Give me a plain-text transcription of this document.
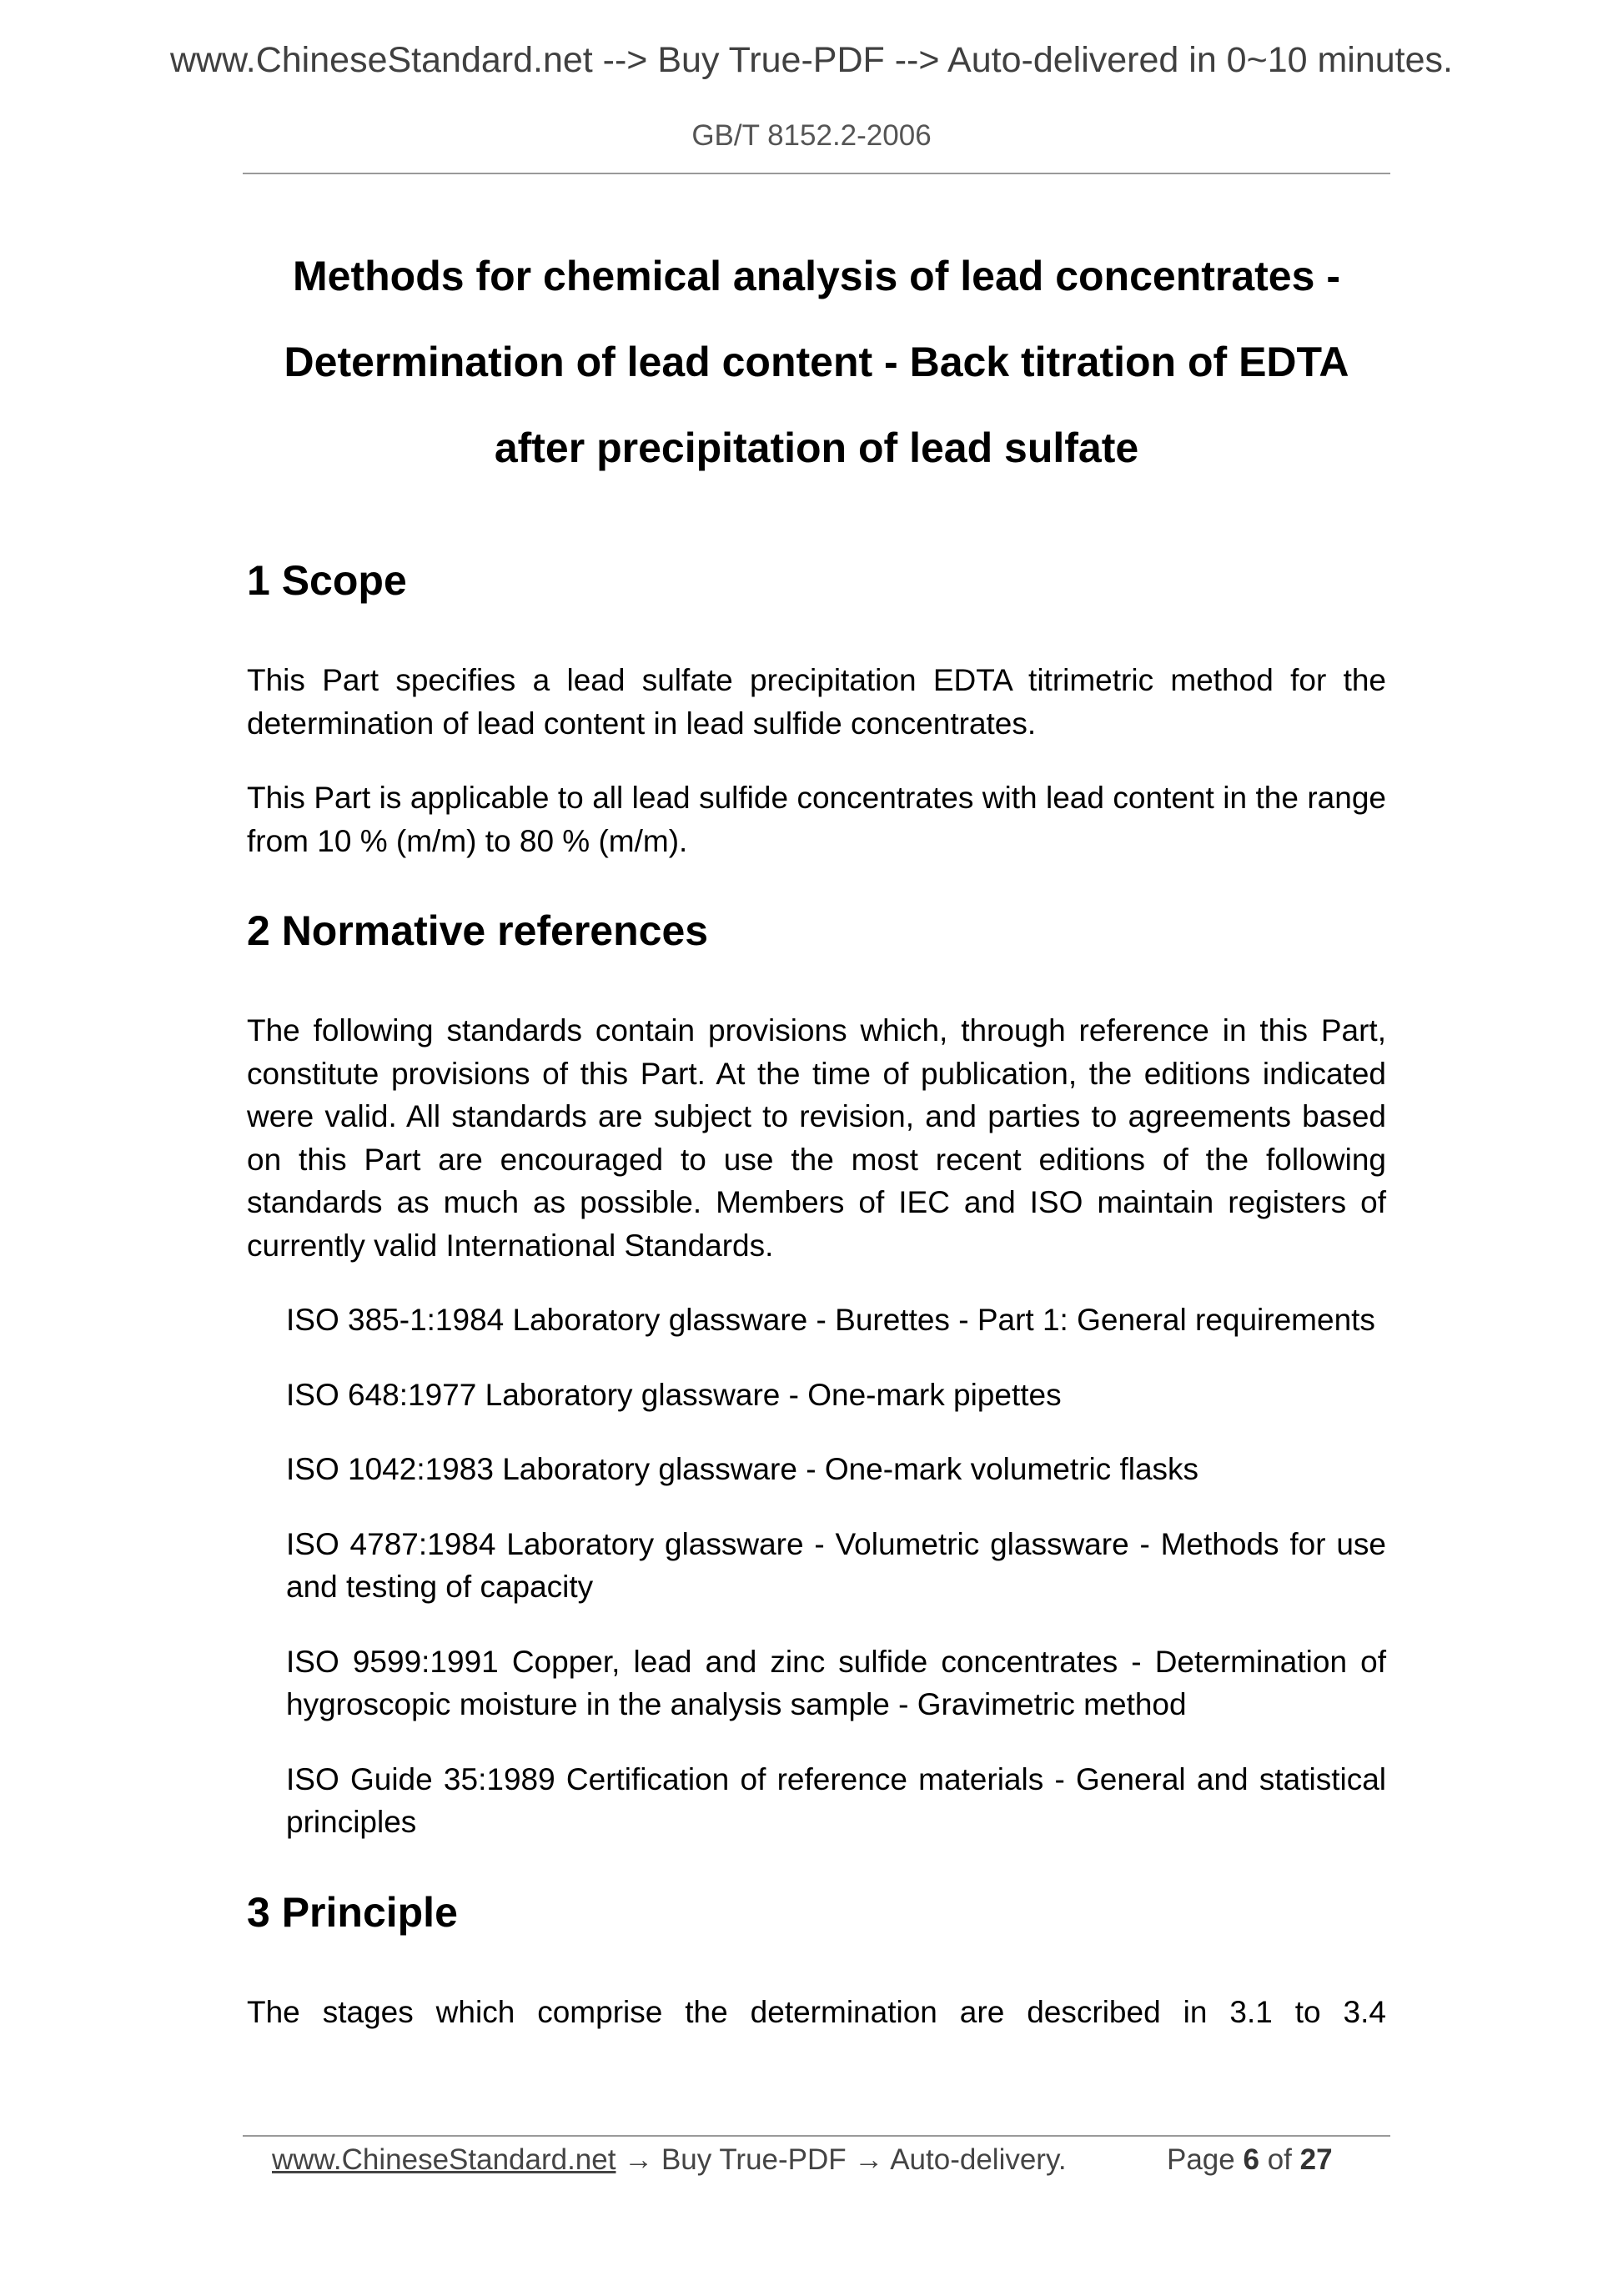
www.ChineseStandard.net --> Buy True-PDF --> Auto-delivered in 0~10 minutes.
GB/T 8152.2-2006
Methods for chemical analysis of lead concentrates -
Determination of lead content - Back titration of EDTA
after precipitation of lead sulfate
1 Scope

This Part specifies a lead sulfate precipitation EDTA titrimetric method for the determination of lead content in lead sulfide concentrates.

This Part is applicable to all lead sulfide concentrates with lead content in the range from 10 % (m/m) to 80 % (m/m).

2 Normative references

The following standards contain provisions which, through reference in this Part, constitute provisions of this Part. At the time of publication, the editions indicated were valid. All standards are subject to revision, and parties to agreements based on this Part are encouraged to use the most recent editions of the following standards as much as possible. Members of IEC and ISO maintain registers of currently valid International Standards.

ISO 385-1:1984 Laboratory glassware - Burettes - Part 1: General requirements
ISO 648:1977 Laboratory glassware - One-mark pipettes
ISO 1042:1983 Laboratory glassware - One-mark volumetric flasks
ISO 4787:1984 Laboratory glassware - Volumetric glassware - Methods for use and testing of capacity
ISO 9599:1991 Copper, lead and zinc sulfide concentrates - Determination of hygroscopic moisture in the analysis sample - Gravimetric method
ISO Guide 35:1989 Certification of reference materials - General and statistical principles
3 Principle

The stages which comprise the determination are described in 3.1 to 3.4

www.ChineseStandard.net → Buy True-PDF → Auto-delivery.	Page 6 of 27
